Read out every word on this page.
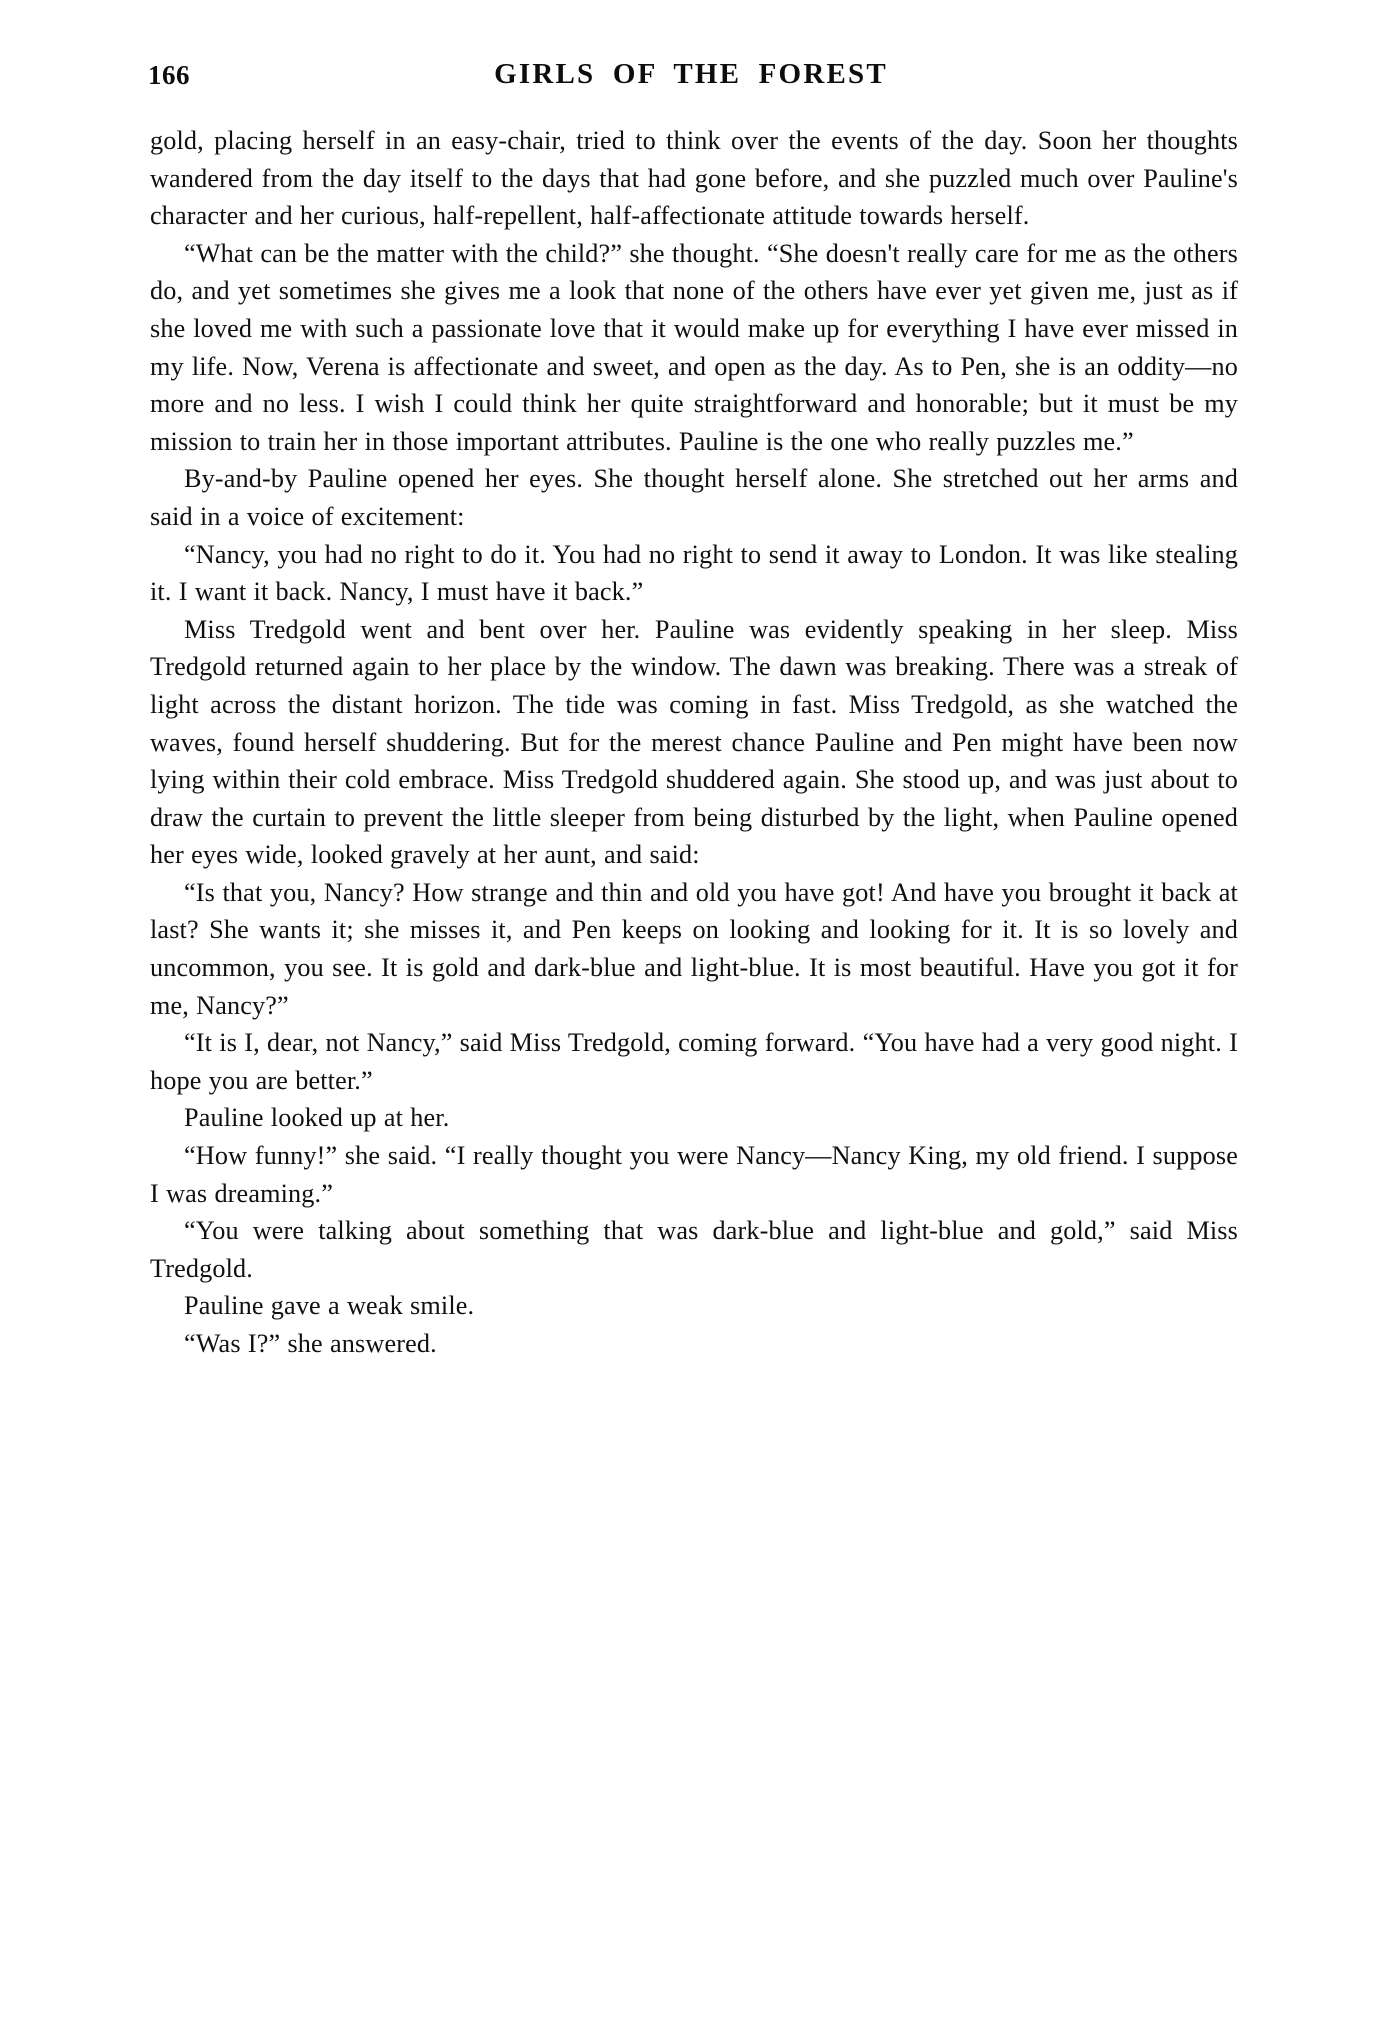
166	GIRLS OF THE FOREST

gold, placing herself in an easy-chair, tried to think over the events of the day. Soon her thoughts wandered from the day itself to the days that had gone before, and she puzzled much over Pauline's character and her curious, half-repellent, half-affectionate attitude towards herself.

“What can be the matter with the child?” she thought. “She doesn't really care for me as the others do, and yet sometimes she gives me a look that none of the others have ever yet given me, just as if she loved me with such a passionate love that it would make up for everything I have ever missed in my life. Now, Verena is affectionate and sweet, and open as the day. As to Pen, she is an oddity—no more and no less. I wish I could think her quite straightforward and honorable; but it must be my mission to train her in those important attributes. Pauline is the one who really puzzles me.”

By-and-by Pauline opened her eyes. She thought herself alone. She stretched out her arms and said in a voice of excitement:

“Nancy, you had no right to do it. You had no right to send it away to London. It was like stealing it. I want it back. Nancy, I must have it back.”

Miss Tredgold went and bent over her. Pauline was evidently speaking in her sleep. Miss Tredgold returned again to her place by the window. The dawn was breaking. There was a streak of light across the distant horizon. The tide was coming in fast. Miss Tredgold, as she watched the waves, found herself shuddering. But for the merest chance Pauline and Pen might have been now lying within their cold embrace. Miss Tredgold shuddered again. She stood up, and was just about to draw the curtain to prevent the little sleeper from being disturbed by the light, when Pauline opened her eyes wide, looked gravely at her aunt, and said:

“Is that you, Nancy? How strange and thin and old you have got! And have you brought it back at last? She wants it; she misses it, and Pen keeps on looking and looking for it. It is so lovely and uncommon, you see. It is gold and dark-blue and light-blue. It is most beautiful. Have you got it for me, Nancy?”

“It is I, dear, not Nancy,” said Miss Tredgold, coming forward. “You have had a very good night. I hope you are better.”

Pauline looked up at her.

“How funny!” she said. “I really thought you were Nancy—Nancy King, my old friend. I suppose I was dreaming.”

“You were talking about something that was dark-blue and light-blue and gold,” said Miss Tredgold.

Pauline gave a weak smile.

“Was I?” she answered.
